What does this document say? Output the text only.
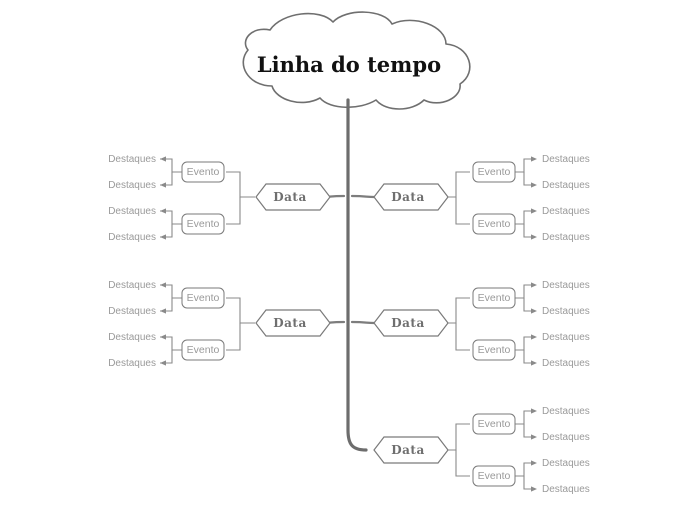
Linha do tempo
Data
Evento
Evento
Destaques
Destaques
Destaques
Destaques
Data
Evento
Evento
Destaques
Destaques
Destaques
Destaques
Data
Evento
Evento
Destaques
Destaques
Destaques
Destaques
Data
Evento
Evento
Destaques
Destaques
Destaques
Destaques
Data
Evento
Evento
Destaques
Destaques
Destaques
Destaques
